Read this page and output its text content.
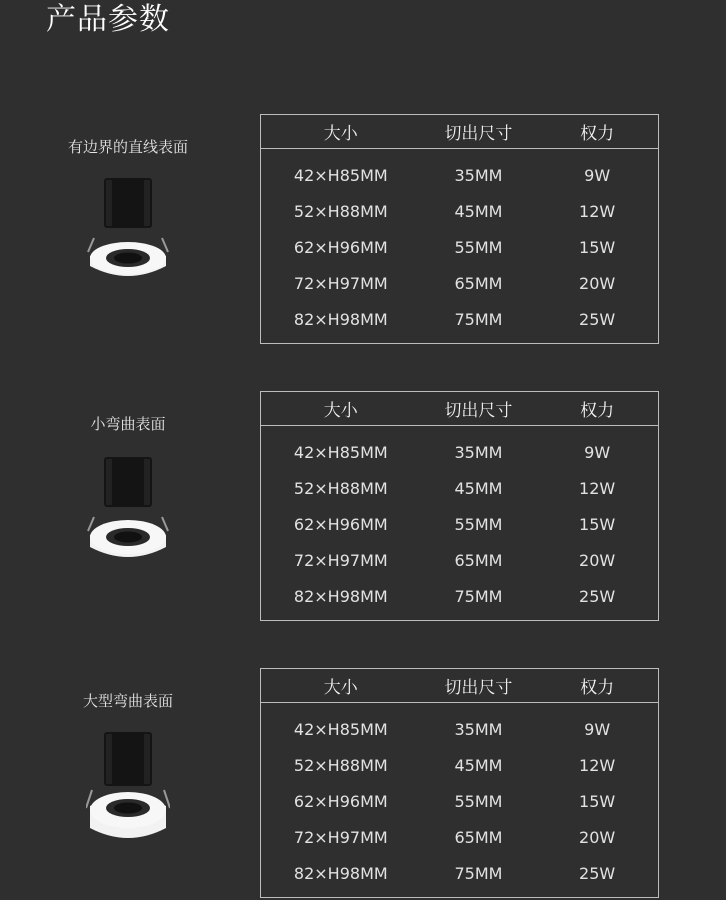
产品参数
有边界的直线表面
大小	切出尺寸	权力
42×H85MM	35MM	9W
52×H88MM	45MM	12W
62×H96MM	55MM	15W
72×H97MM	65MM	20W
82×H98MM	75MM	25W
小弯曲表面
大小	切出尺寸	权力
42×H85MM	35MM	9W
52×H88MM	45MM	12W
62×H96MM	55MM	15W
72×H97MM	65MM	20W
82×H98MM	75MM	25W
大型弯曲表面
大小	切出尺寸	权力
42×H85MM	35MM	9W
52×H88MM	45MM	12W
62×H96MM	55MM	15W
72×H97MM	65MM	20W
82×H98MM	75MM	25W
